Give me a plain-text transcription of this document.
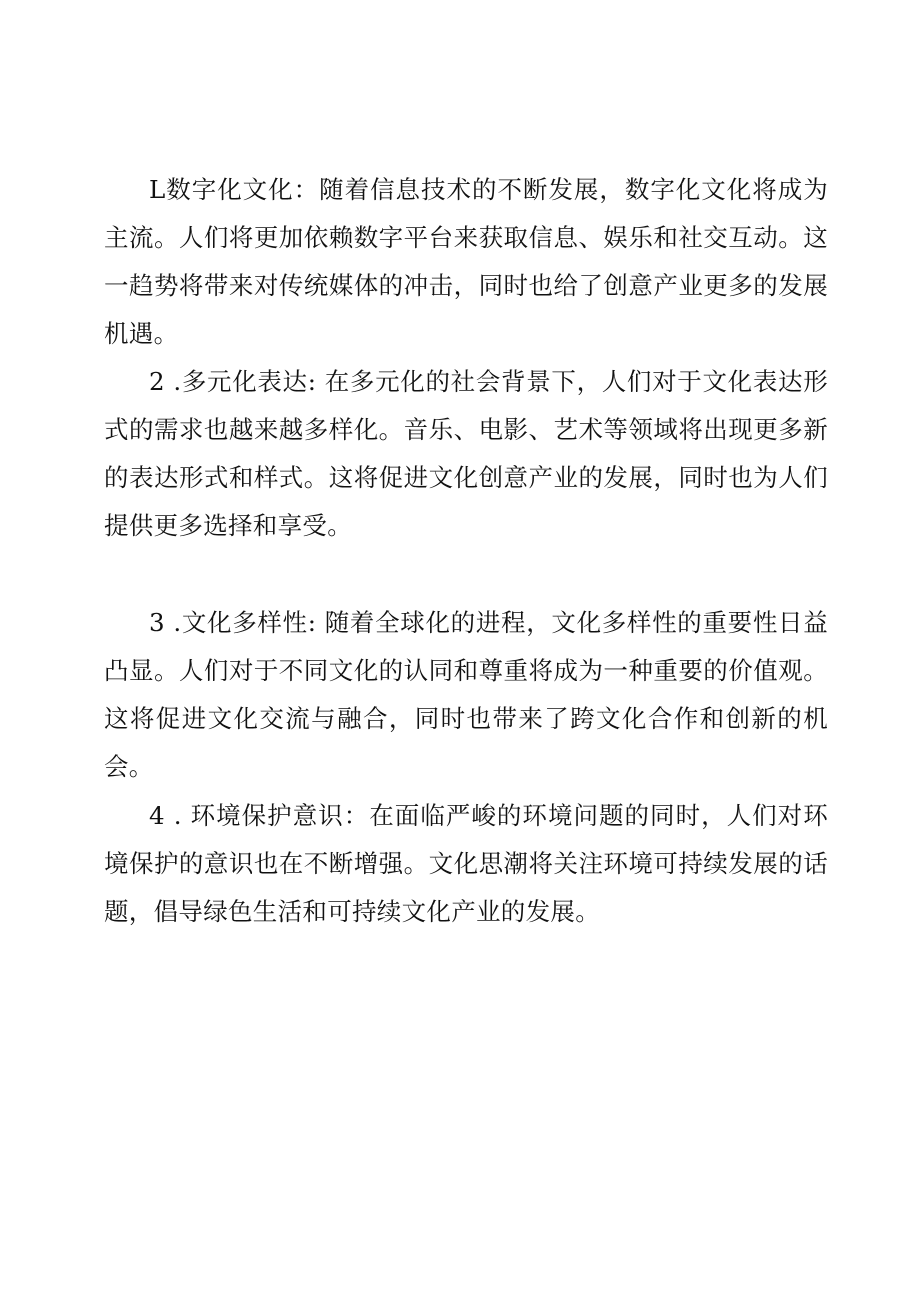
L数字化文化：随着信息技术的不断发展，数字化文化将成为主流。人们将更加依赖数字平台来获取信息、娱乐和社交互动。这一趋势将带来对传统媒体的冲击，同时也给了创意产业更多的发展机遇。

2 .多元化表达: 在多元化的社会背景下，人们对于文化表达形式的需求也越来越多样化。音乐、电影、艺术等领域将出现更多新的表达形式和样式。这将促进文化创意产业的发展，同时也为人们提供更多选择和享受。

3 .文化多样性: 随着全球化的进程，文化多样性的重要性日益凸显。人们对于不同文化的认同和尊重将成为一种重要的价值观。这将促进文化交流与融合，同时也带来了跨文化合作和创新的机会。

4 . 环境保护意识：在面临严峻的环境问题的同时，人们对环境保护的意识也在不断增强。文化思潮将关注环境可持续发展的话题，倡导绿色生活和可持续文化产业的发展。
